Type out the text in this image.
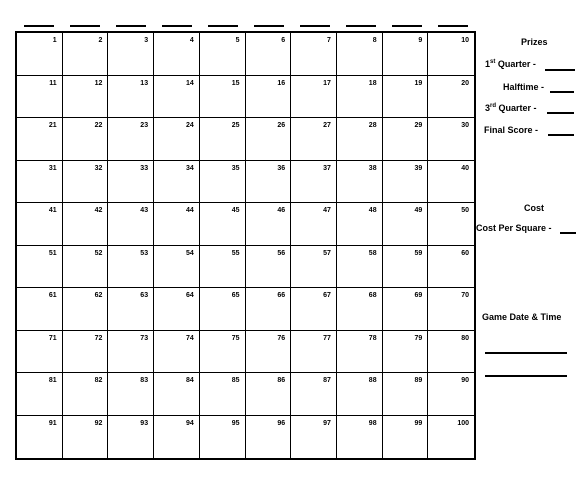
1	2	3	4	5	6	7	8	9	10
11	12	13	14	15	16	17	18	19	20
21	22	23	24	25	26	27	28	29	30
31	32	33	34	35	36	37	38	39	40
41	42	43	44	45	46	47	48	49	50
51	52	53	54	55	56	57	58	59	60
61	62	63	64	65	66	67	68	69	70
71	72	73	74	75	76	77	78	79	80
81	82	83	84	85	86	87	88	89	90
91	92	93	94	95	96	97	98	99	100
Prizes
1st Quarter -
Halftime -
3rd Quarter -
Final Score -
Cost
Cost Per Square -
Game Date & Time
